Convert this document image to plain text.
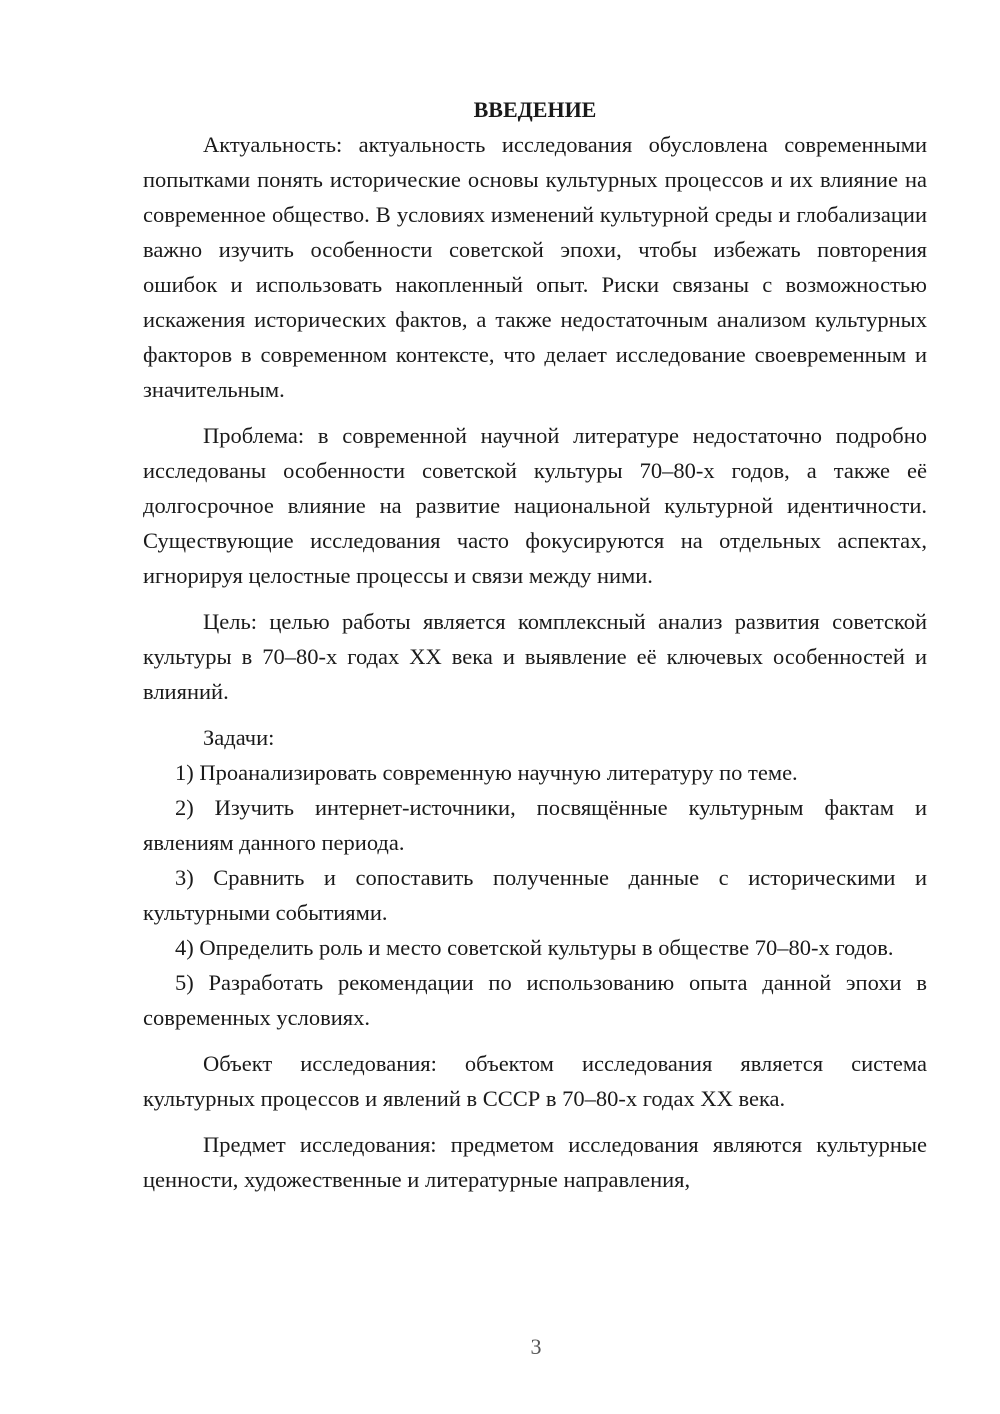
ВВЕДЕНИЕ

Актуальность: актуальность исследования обусловлена современными попытками понять исторические основы культурных процессов и их влияние на современное общество. В условиях изменений культурной среды и глобализации важно изучить особенности советской эпохи, чтобы избежать повторения ошибок и использовать накопленный опыт. Риски связаны с возможностью искажения исторических фактов, а также недостаточным анализом культурных факторов в современном контексте, что делает исследование своевременным и значительным.

Проблема: в современной научной литературе недостаточно подробно исследованы особенности советской культуры 70–80-х годов, а также её долгосрочное влияние на развитие национальной культурной идентичности. Существующие исследования часто фокусируются на отдельных аспектах, игнорируя целостные процессы и связи между ними.

Цель: целью работы является комплексный анализ развития советской культуры в 70–80-х годах XX века и выявление её ключевых особенностей и влияний.

Задачи:

1) Проанализировать современную научную литературу по теме.

2) Изучить интернет-источники, посвящённые культурным фактам и явлениям данного периода.

3) Сравнить и сопоставить полученные данные с историческими и культурными событиями.

4) Определить роль и место советской культуры в обществе 70–80-х годов.

5) Разработать рекомендации по использованию опыта данной эпохи в современных условиях.

Объект исследования: объектом исследования является система культурных процессов и явлений в СССР в 70–80-х годах XX века.

Предмет исследования: предметом исследования являются культурные ценности, художественные и литературные направления,

3
